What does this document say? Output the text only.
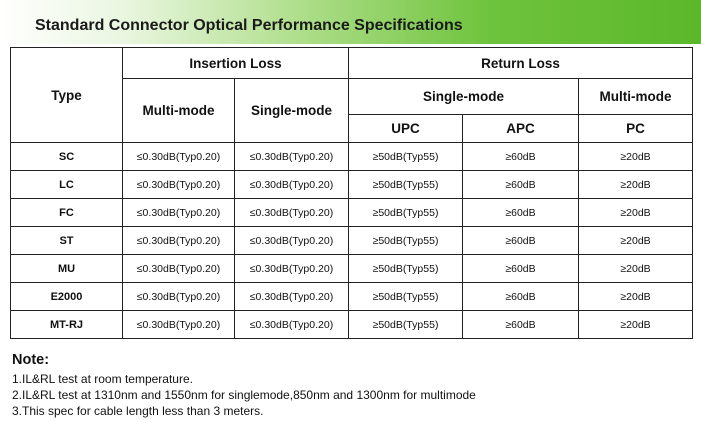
Standard Connector Optical Performance Specifications
Type	Insertion Loss		Return Loss		
	Multi-mode	Single-mode	Single-mode		Multi-mode
			UPC	APC	PC
SC	≤0.30dB(Typ0.20)	≤0.30dB(Typ0.20)	≥50dB(Typ55)	≥60dB	≥20dB
LC	≤0.30dB(Typ0.20)	≤0.30dB(Typ0.20)	≥50dB(Typ55)	≥60dB	≥20dB
FC	≤0.30dB(Typ0.20)	≤0.30dB(Typ0.20)	≥50dB(Typ55)	≥60dB	≥20dB
ST	≤0.30dB(Typ0.20)	≤0.30dB(Typ0.20)	≥50dB(Typ55)	≥60dB	≥20dB
MU	≤0.30dB(Typ0.20)	≤0.30dB(Typ0.20)	≥50dB(Typ55)	≥60dB	≥20dB
E2000	≤0.30dB(Typ0.20)	≤0.30dB(Typ0.20)	≥50dB(Typ55)	≥60dB	≥20dB
MT-RJ	≤0.30dB(Typ0.20)	≤0.30dB(Typ0.20)	≥50dB(Typ55)	≥60dB	≥20dB
Note:
1.IL&RL test at room temperature.
2.IL&RL test at 1310nm and 1550nm for singlemode,850nm and 1300nm for multimode
3.This spec for cable length less than 3 meters.
